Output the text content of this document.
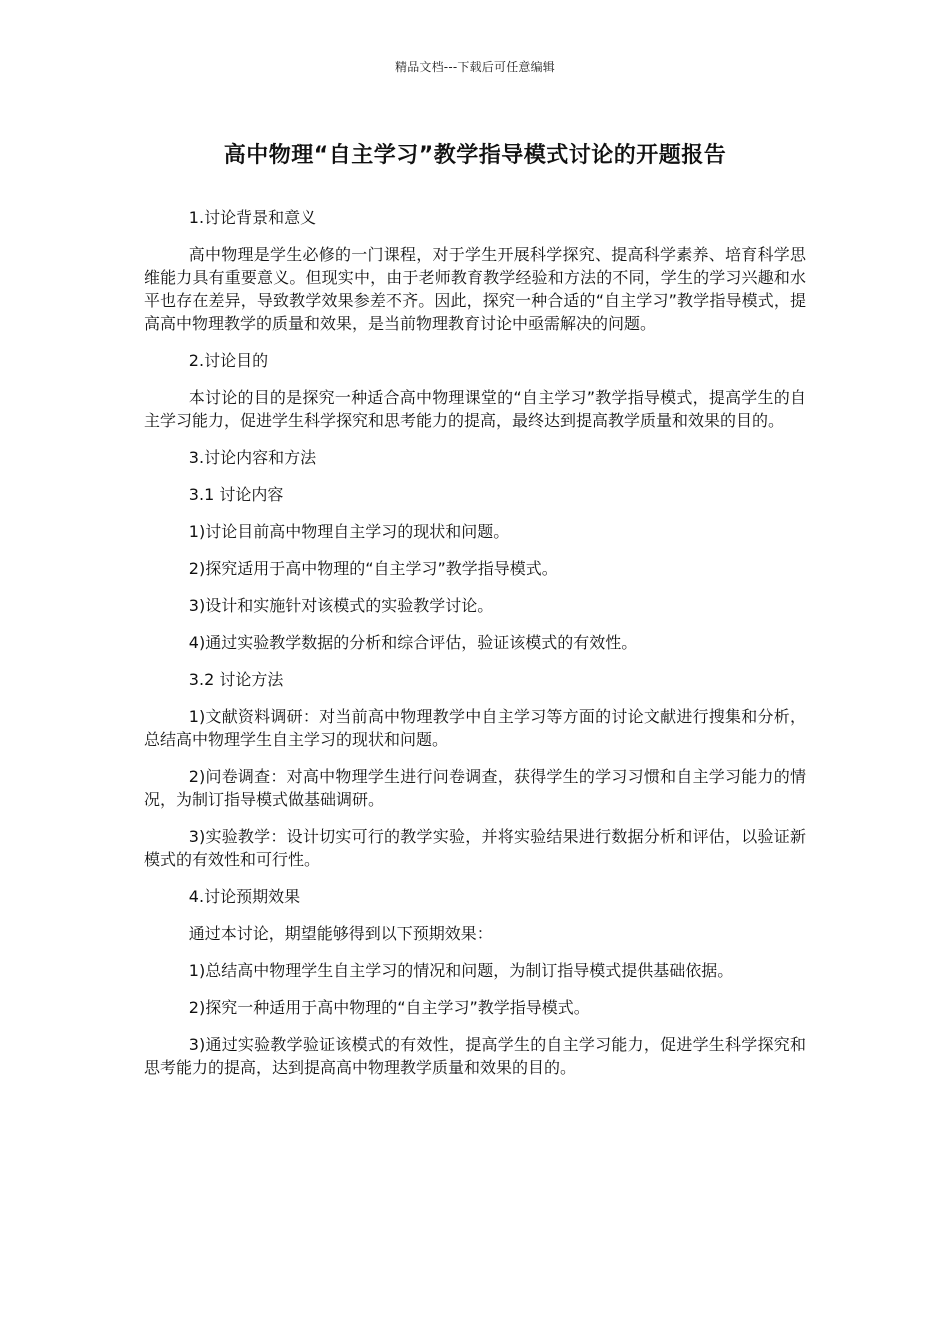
精品文档---下载后可任意编辑
高中物理“自主学习”教学指导模式讨论的开题报告

1.讨论背景和意义

高中物理是学生必修的一门课程，对于学生开展科学探究、提高科学素养、培育科学思维能力具有重要意义。但现实中，由于老师教育教学经验和方法的不同，学生的学习兴趣和水平也存在差异，导致教学效果参差不齐。因此，探究一种合适的“自主学习”教学指导模式，提高高中物理教学的质量和效果，是当前物理教育讨论中亟需解决的问题。

2.讨论目的

本讨论的目的是探究一种适合高中物理课堂的“自主学习”教学指导模式，提高学生的自主学习能力，促进学生科学探究和思考能力的提高，最终达到提高教学质量和效果的目的。

3.讨论内容和方法

3.1 讨论内容

1)讨论目前高中物理自主学习的现状和问题。

2)探究适用于高中物理的“自主学习”教学指导模式。

3)设计和实施针对该模式的实验教学讨论。

4)通过实验教学数据的分析和综合评估，验证该模式的有效性。

3.2 讨论方法

1)文献资料调研：对当前高中物理教学中自主学习等方面的讨论文献进行搜集和分析，总结高中物理学生自主学习的现状和问题。

2)问卷调查：对高中物理学生进行问卷调查，获得学生的学习习惯和自主学习能力的情况，为制订指导模式做基础调研。

3)实验教学：设计切实可行的教学实验，并将实验结果进行数据分析和评估，以验证新模式的有效性和可行性。

4.讨论预期效果

通过本讨论，期望能够得到以下预期效果：

1)总结高中物理学生自主学习的情况和问题，为制订指导模式提供基础依据。

2)探究一种适用于高中物理的“自主学习”教学指导模式。

3)通过实验教学验证该模式的有效性，提高学生的自主学习能力，促进学生科学探究和思考能力的提高，达到提高高中物理教学质量和效果的目的。
